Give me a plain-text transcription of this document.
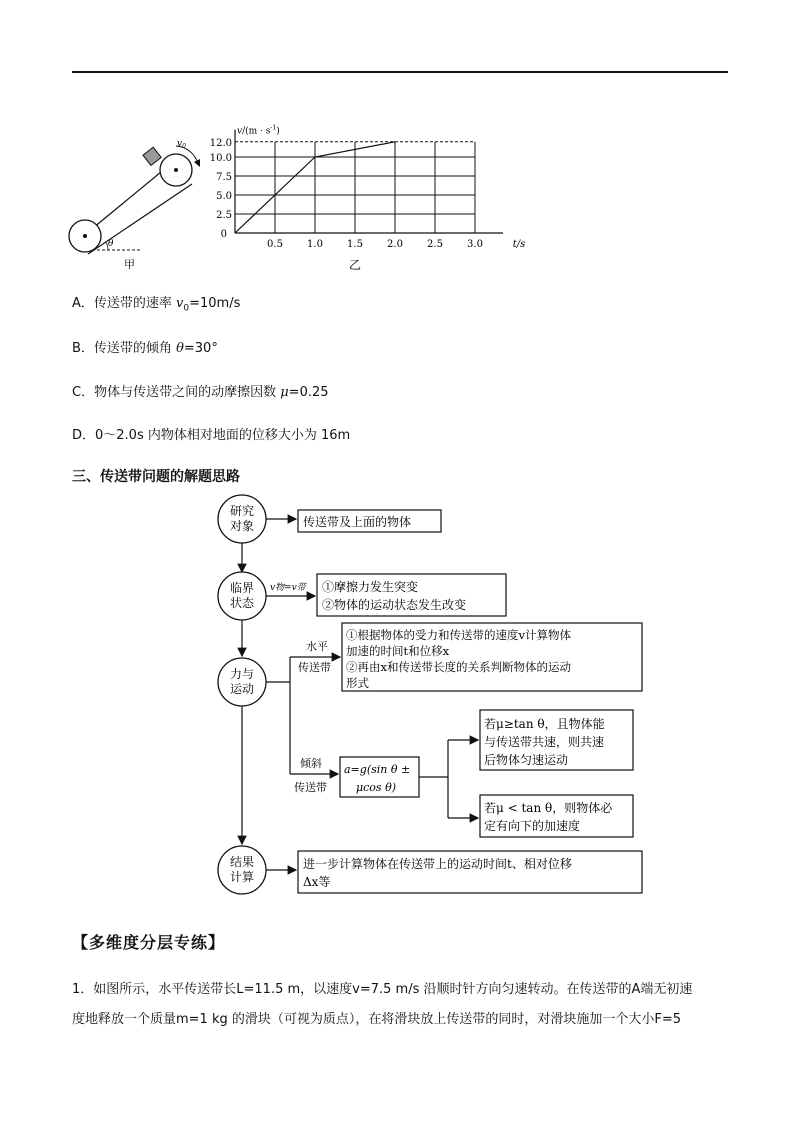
$v_0$
θ
甲
0.5 1.0 1.5 2.0 2.5 3.0
2.5
5.0
7.5
10.0
12.0
0
$v/(m \cdot s^{-1})$
t/s
乙
A．传送带的速率 $v_0=10m/s$
B．传送带的倾角 θ=30°
C．物体与传送带之间的动摩擦因数 μ=0.25
D．0～2.0s 内物体相对地面的位移大小为 16m
三、传送带问题的解题思路
研究
对象
临界
状态
力与
运动
结果
计算
传送带及上面的物体
v物=v带 ①摩擦力发生突变
②物体的运动状态发生改变
水平
传送带
①根据物体的受力和传送带的速度v计算物体
加速的时间t和位移x
②再由x和传送带长度的关系判断物体的运动
形式
倾斜
传送带
a=g(sin θ ±
μcos θ)
若μ≥tan θ，且物体能
与传送带共速，则共速
后物体匀速运动
若μ < tan θ，则物体必
定有向下的加速度
进一步计算物体在传送带上的运动时间t、相对位移
Δx等
【多维度分层专练】
1．如图所示，水平传送带长L=11.5 m，以速度v=7.5 m/s 沿顺时针方向匀速转动。在传送带的A端无初速
度地释放一个质量m=1 kg 的滑块（可视为质点），在将滑块放上传送带的同时，对滑块施加一个大小F=5
